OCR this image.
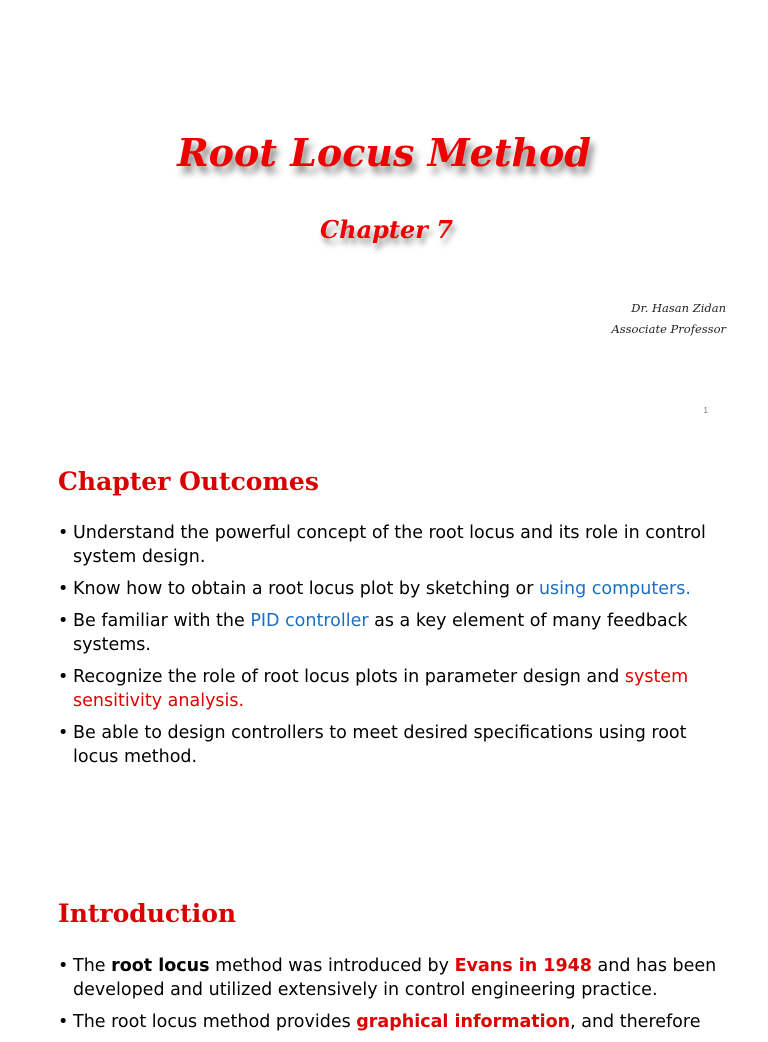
Root Locus Method
Chapter 7
Dr. Hasan Zidan
Associate Professor
1
Chapter Outcomes
• Understand the powerful concept of the root locus and its role in control system design.
• Know how to obtain a root locus plot by sketching or using computers.
• Be familiar with the PID controller as a key element of many feedback systems.
• Recognize the role of root locus plots in parameter design and system sensitivity analysis.
• Be able to design controllers to meet desired specifications using root locus method.
Introduction
• The root locus method was introduced by Evans in 1948 and has been developed and utilized extensively in control engineering practice.
• The root locus method provides graphical information, and therefore
